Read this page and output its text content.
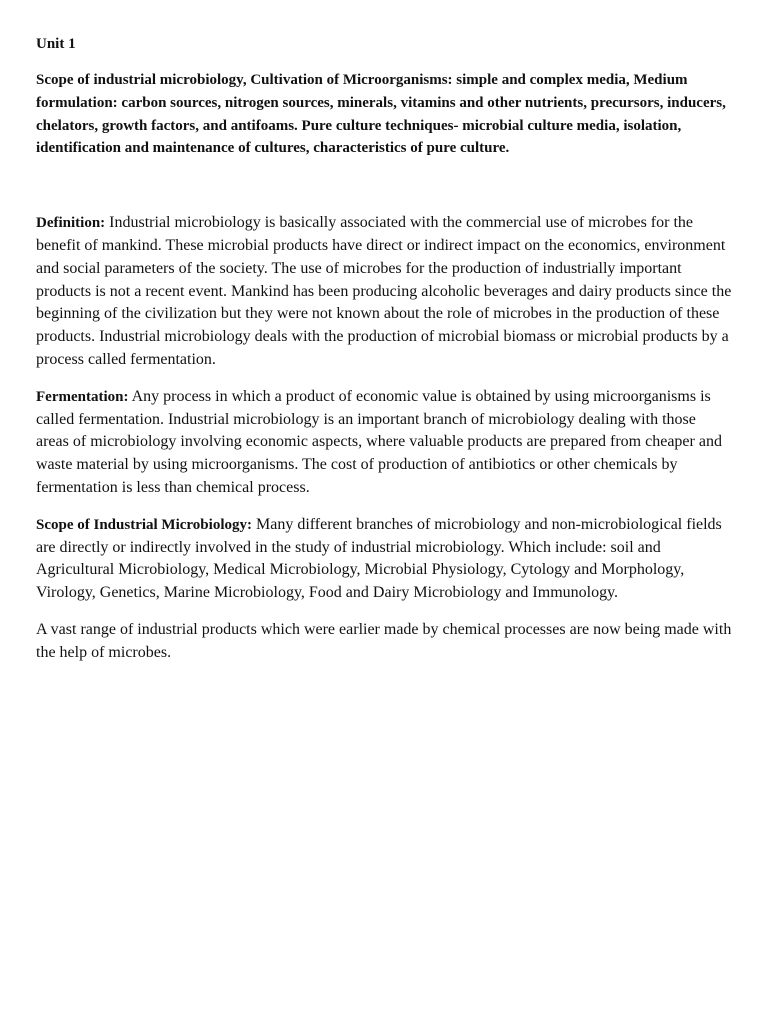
Unit 1

Scope of industrial microbiology, Cultivation of Microorganisms: simple and complex media, Medium formulation: carbon sources, nitrogen sources, minerals, vitamins and other nutrients, precursors, inducers, chelators, growth factors, and antifoams. Pure culture techniques- microbial culture media, isolation, identification and maintenance of cultures, characteristics of pure culture.

Definition: Industrial microbiology is basically associated with the commercial use of microbes for the benefit of mankind. These microbial products have direct or indirect impact on the economics, environment and social parameters of the society. The use of microbes for the production of industrially important products is not a recent event. Mankind has been producing alcoholic beverages and dairy products since the beginning of the civilization but they were not known about the role of microbes in the production of these products. Industrial microbiology deals with the production of microbial biomass or microbial products by a process called fermentation.

Fermentation: Any process in which a product of economic value is obtained by using microorganisms is called fermentation. Industrial microbiology is an important branch of microbiology dealing with those areas of microbiology involving economic aspects, where valuable products are prepared from cheaper and waste material by using microorganisms. The cost of production of antibiotics or other chemicals by fermentation is less than chemical process.

Scope of Industrial Microbiology: Many different branches of microbiology and non-microbiological fields are directly or indirectly involved in the study of industrial microbiology. Which include: soil and Agricultural Microbiology, Medical Microbiology, Microbial Physiology, Cytology and Morphology, Virology, Genetics, Marine Microbiology, Food and Dairy Microbiology and Immunology.

A vast range of industrial products which were earlier made by chemical processes are now being made with the help of microbes.
